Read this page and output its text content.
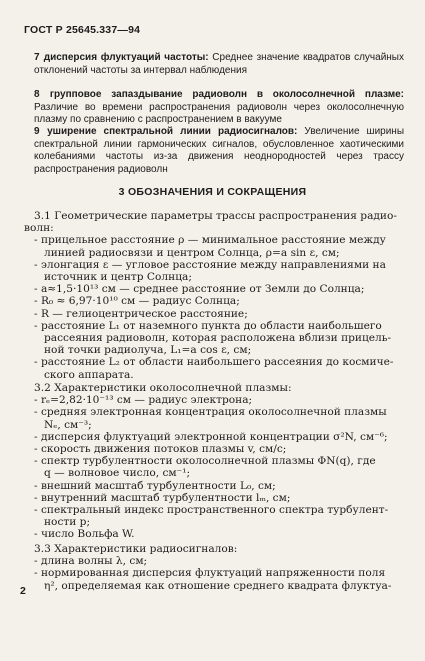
ГОСТ Р 25645.337—94
7 дисперсия флуктуаций частоты: Среднее значение квадратов случайных отклонений частоты за интервал наблюдения
8 групповое запаздывание радиоволн в околосолнечной плазме: Различие во времени распространения радиоволн через околосолнечную плазму по сравнению с распространением в вакууме
9 уширение спектральной линии радиосигналов: Увеличение ширины спектральной линии гармонических сигналов, обусловленное хаотическими колебаниями частоты из-за движения неоднородностей через трассу распространения радиоволн
3 ОБОЗНАЧЕНИЯ И СОКРАЩЕНИЯ
3.1 Геометрические параметры трассы распространения радио-
волн:
- прицельное расстояние ρ — минимальное расстояние между
линией радиосвязи и центром Солнца, ρ=a sin ε, см;
- элонгация ε — угловое расстояние между направлениями на
источник и центр Солнца;
- a≈1,5·10¹³ см — среднее расстояние от Земли до Солнца;
- R₀ ≈ 6,97·10¹⁰ см — радиус Солнца;
- R — гелиоцентрическое расстояние;
- расстояние L₁ от наземного пункта до области наибольшего
рассеяния радиоволн, которая расположена вблизи прицель-
ной точки радиолуча, L₁=a cos ε, см;
- расстояние L₂ от области наибольшего рассеяния до космиче-
ского аппарата.
3.2 Характеристики околосолнечной плазмы:
- rₑ=2,82·10⁻¹³ см — радиус электрона;
- средняя электронная концентрация околосолнечной плазмы
Nₑ, см⁻³;
- дисперсия флуктуаций электронной концентрации σ²N, см⁻⁶;
- скорость движения потоков плазмы v, см/с;
- спектр турбулентности околосолнечной плазмы ΦN(q), где
q — волновое число, см⁻¹;
- внешний масштаб турбулентности L₀, см;
- внутренний масштаб турбулентности lₘ, см;
- спектральный индекс пространственного спектра турбулент-
ности p;
- число Вольфа W.
3.3 Характеристики радиосигналов:
- длина волны λ, см;
- нормированная дисперсия флуктуаций напряженности поля
η², определяемая как отношение среднего квадрата флуктуа-
2
